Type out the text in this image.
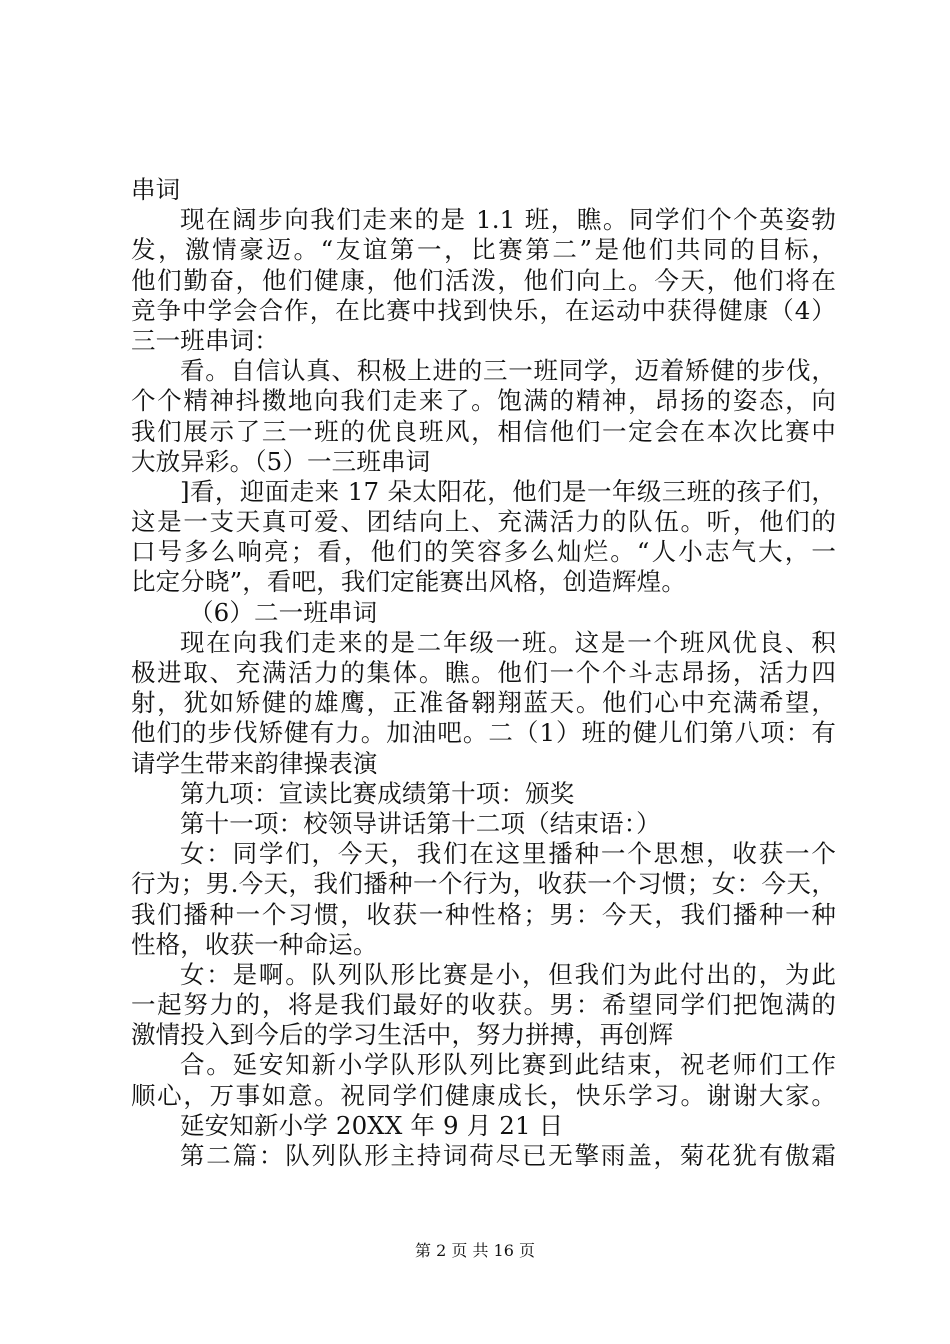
串词
现在阔步向我们走来的是 1.1 班，瞧。同学们个个英姿勃
发，激情豪迈。“友谊第一，比赛第二”是他们共同的目标，
他们勤奋，他们健康，他们活泼，他们向上。今天，他们将在
竞争中学会合作，在比赛中找到快乐，在运动中获得健康（4）
三一班串词：
看。自信认真、积极上进的三一班同学，迈着矫健的步伐，
个个精神抖擞地向我们走来了。饱满的精神，昂扬的姿态，向
我们展示了三一班的优良班风，相信他们一定会在本次比赛中
大放异彩。（5）一三班串词
]看，迎面走来 17 朵太阳花，他们是一年级三班的孩子们，
这是一支天真可爱、团结向上、充满活力的队伍。听，他们的
口号多么响亮；看，他们的笑容多么灿烂。“人小志气大，一
比定分晓”，看吧，我们定能赛出风格，创造辉煌。
（6）二一班串词
现在向我们走来的是二年级一班。这是一个班风优良、积
极进取、充满活力的集体。瞧。他们一个个斗志昂扬，活力四
射，犹如矫健的雄鹰，正准备翱翔蓝天。他们心中充满希望，
他们的步伐矫健有力。加油吧。二（1）班的健儿们第八项：有
请学生带来韵律操表演
第九项：宣读比赛成绩第十项：颁奖
第十一项：校领导讲话第十二项（结束语：）
女：同学们，今天，我们在这里播种一个思想，收获一个
行为；男.今天，我们播种一个行为，收获一个习惯；女：今天，
我们播种一个习惯，收获一种性格；男：今天，我们播种一种
性格，收获一种命运。
女：是啊。队列队形比赛是小，但我们为此付出的，为此
一起努力的，将是我们最好的收获。男：希望同学们把饱满的
激情投入到今后的学习生活中，努力拼搏，再创辉
合。延安知新小学队形队列比赛到此结束，祝老师们工作
顺心，万事如意。祝同学们健康成长，快乐学习。谢谢大家。
延安知新小学 20XX 年 9 月 21 日
第二篇：队列队形主持词荷尽已无擎雨盖，菊花犹有傲霜
第 2 页 共 16 页
